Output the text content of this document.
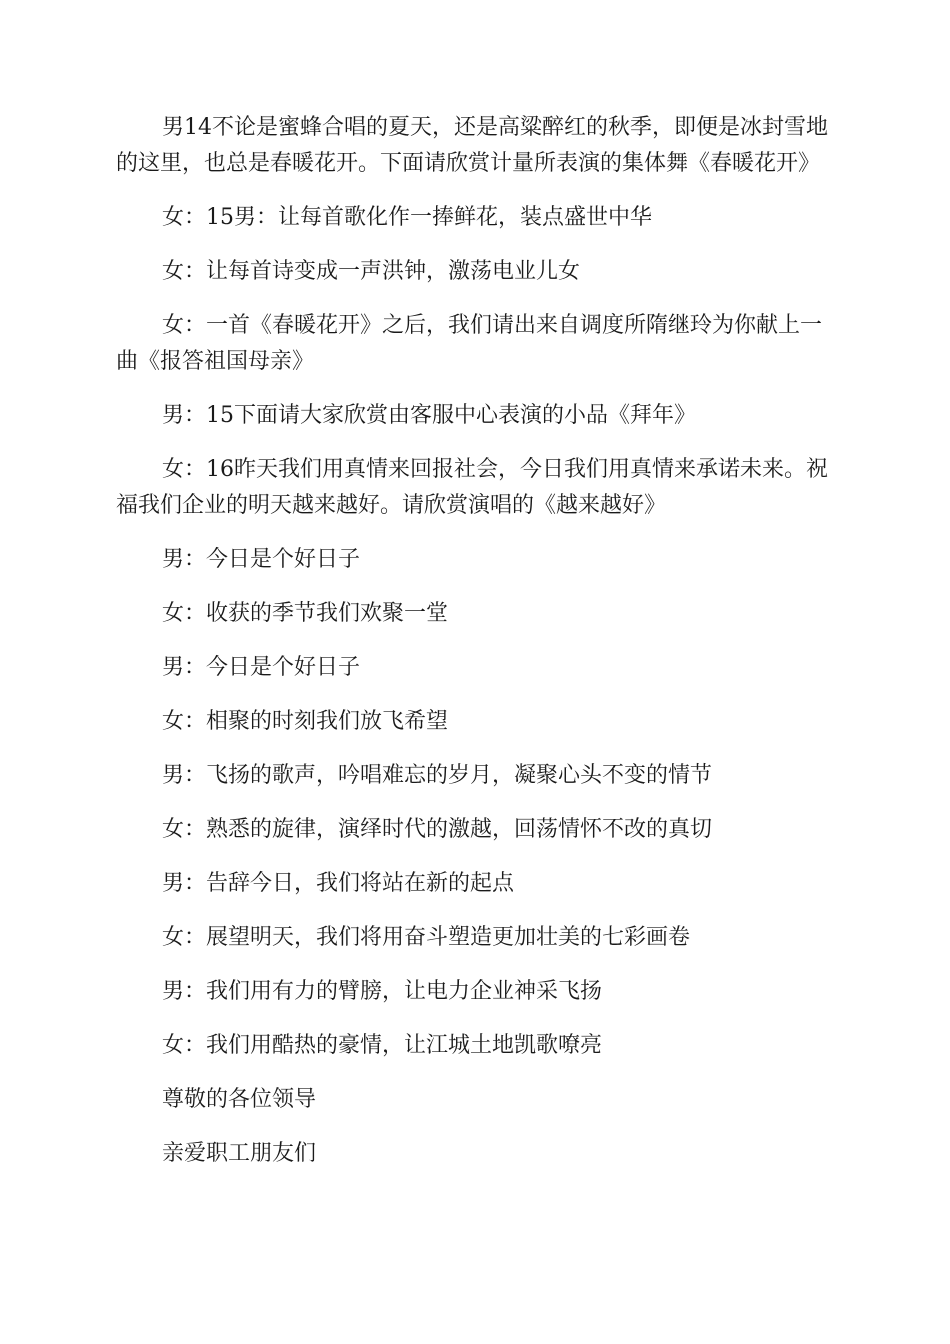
男14不论是蜜蜂合唱的夏天，还是高粱醉红的秋季，即便是冰封雪地的这里，也总是春暖花开。下面请欣赏计量所表演的集体舞《春暖花开》

女：15男：让每首歌化作一捧鲜花，装点盛世中华

女：让每首诗变成一声洪钟，激荡电业儿女

女：一首《春暖花开》之后，我们请出来自调度所隋继玲为你献上一曲《报答祖国母亲》

男：15下面请大家欣赏由客服中心表演的小品《拜年》

女：16昨天我们用真情来回报社会，今日我们用真情来承诺未来。祝福我们企业的明天越来越好。请欣赏演唱的《越来越好》

男：今日是个好日子

女：收获的季节我们欢聚一堂

男：今日是个好日子

女：相聚的时刻我们放飞希望

男：飞扬的歌声，吟唱难忘的岁月，凝聚心头不变的情节

女：熟悉的旋律，演绎时代的激越，回荡情怀不改的真切

男：告辞今日，我们将站在新的起点

女：展望明天，我们将用奋斗塑造更加壮美的七彩画卷

男：我们用有力的臂膀，让电力企业神采飞扬

女：我们用酷热的豪情，让江城土地凯歌嘹亮

尊敬的各位领导

亲爱职工朋友们
